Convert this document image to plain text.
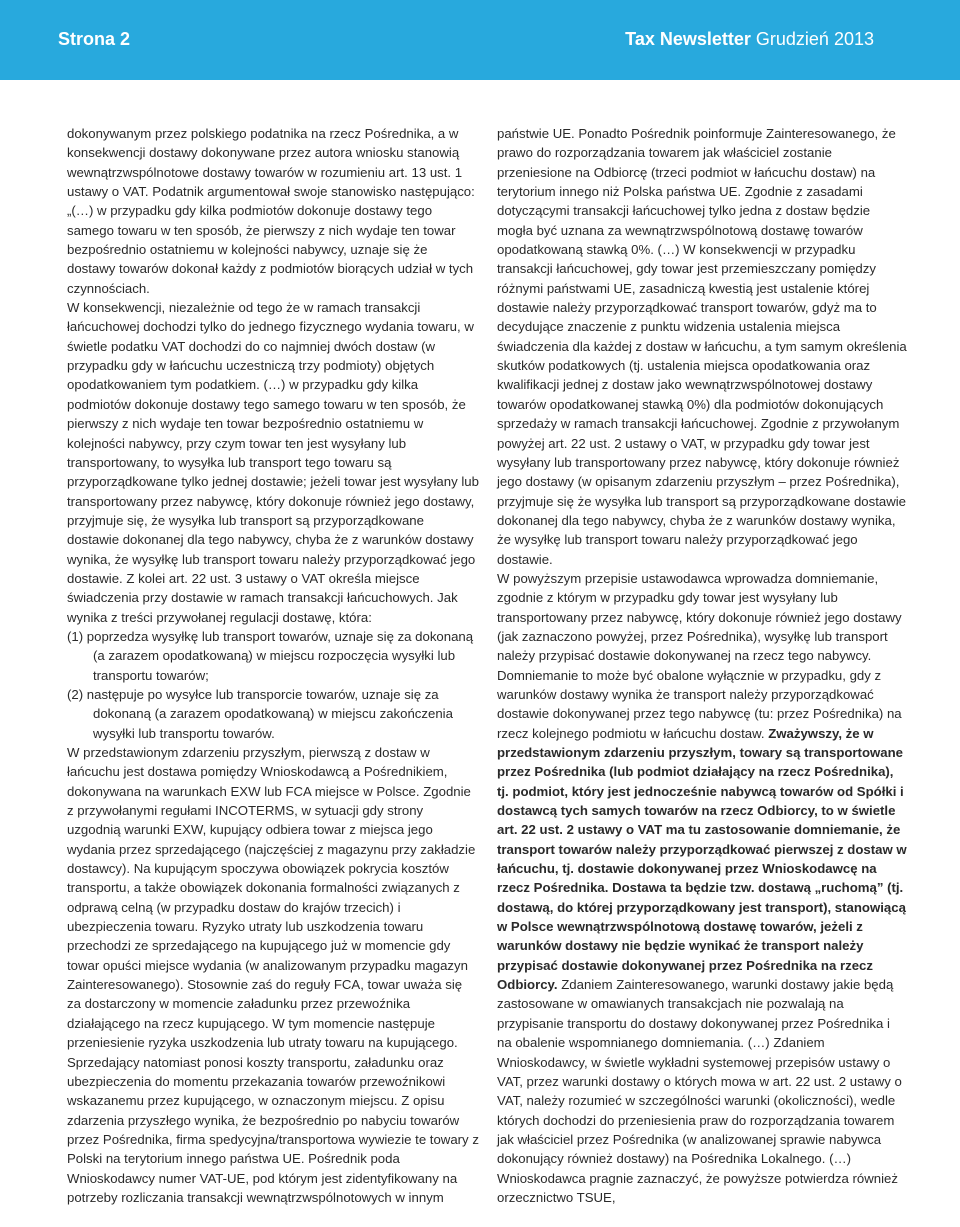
Strona 2	Tax Newsletter Grudzień 2013

dokonywanym przez polskiego podatnika na rzecz Pośrednika, a w konsekwencji dostawy dokonywane przez autora wniosku stanowią wewnątrzwspólnotowe dostawy towarów w rozumieniu art. 13 ust. 1 ustawy o VAT. Podatnik argumentował swoje stanowisko następująco: „(…) w przypadku gdy kilka podmiotów dokonuje dostawy tego samego towaru w ten sposób, że pierwszy z nich wydaje ten towar bezpośrednio ostatniemu w kolejności nabywcy, uznaje się że dostawy towarów dokonał każdy z podmiotów biorących udział w tych czynnościach.

W konsekwencji, niezależnie od tego że w ramach transakcji łańcuchowej dochodzi tylko do jednego fizycznego wydania towaru, w świetle podatku VAT dochodzi do co najmniej dwóch dostaw (w przypadku gdy w łańcuchu uczestniczą trzy podmioty) objętych opodatkowaniem tym podatkiem. (…) w przypadku gdy kilka podmiotów dokonuje dostawy tego samego towaru w ten sposób, że pierwszy z nich wydaje ten towar bezpośrednio ostatniemu w kolejności nabywcy, przy czym towar ten jest wysyłany lub transportowany, to wysyłka lub transport tego towaru są przyporządkowane tylko jednej dostawie; jeżeli towar jest wysyłany lub transportowany przez nabywcę, który dokonuje również jego dostawy, przyjmuje się, że wysyłka lub transport są przyporządkowane dostawie dokonanej dla tego nabywcy, chyba że z warunków dostawy wynika, że wysyłkę lub transport towaru należy przyporządkować jego dostawie. Z kolei art. 22 ust. 3 ustawy o VAT określa miejsce świadczenia przy dostawie w ramach transakcji łańcuchowych. Jak wynika z treści przywołanej regulacji dostawę, która:

(1) poprzedza wysyłkę lub transport towarów, uznaje się za dokonaną (a zarazem opodatkowaną) w miejscu rozpoczęcia wysyłki lub transportu towarów;

(2) następuje po wysyłce lub transporcie towarów, uznaje się za dokonaną (a zarazem opodatkowaną) w miejscu zakończenia wysyłki lub transportu towarów.

W przedstawionym zdarzeniu przyszłym, pierwszą z dostaw w łańcuchu jest dostawa pomiędzy Wnioskodawcą a Pośrednikiem, dokonywana na warunkach EXW lub FCA miejsce w Polsce. Zgodnie z przywołanymi regułami INCOTERMS, w sytuacji gdy strony uzgodnią warunki EXW, kupujący odbiera towar z miejsca jego wydania przez sprzedającego (najczęściej z magazynu przy zakładzie dostawcy). Na kupującym spoczywa obowiązek pokrycia kosztów transportu, a także obowiązek dokonania formalności związanych z odprawą celną (w przypadku dostaw do krajów trzecich) i ubezpieczenia towaru. Ryzyko utraty lub uszkodzenia towaru przechodzi ze sprzedającego na kupującego już w momencie gdy towar opuści miejsce wydania (w analizowanym przypadku magazyn Zainteresowanego). Stosownie zaś do reguły FCA, towar uważa się za dostarczony w momencie załadunku przez przewoźnika działającego na rzecz kupującego. W tym momencie następuje przeniesienie ryzyka uszkodzenia lub utraty towaru na kupującego. Sprzedający natomiast ponosi koszty transportu, załadunku oraz ubezpieczenia do momentu przekazania towarów przewoźnikowi wskazanemu przez kupującego, w oznaczonym miejscu. Z opisu zdarzenia przyszłego wynika, że bezpośrednio po nabyciu towarów przez Pośrednika, firma spedycyjna/transportowa wywiezie te towary z Polski na terytorium innego państwa UE. Pośrednik poda Wnioskodawcy numer VAT-UE, pod którym jest zidentyfikowany na potrzeby rozliczania transakcji wewnątrzwspólnotowych w innym

państwie UE. Ponadto Pośrednik poinformuje Zainteresowanego, że prawo do rozporządzania towarem jak właściciel zostanie przeniesione na Odbiorcę (trzeci podmiot w łańcuchu dostaw) na terytorium innego niż Polska państwa UE. Zgodnie z zasadami dotyczącymi transakcji łańcuchowej tylko jedna z dostaw będzie mogła być uznana za wewnątrzwspólnotową dostawę towarów opodatkowaną stawką 0%. (…) W konsekwencji w przypadku transakcji łańcuchowej, gdy towar jest przemieszczany pomiędzy różnymi państwami UE, zasadniczą kwestią jest ustalenie której dostawie należy przyporządkować transport towarów, gdyż ma to decydujące znaczenie z punktu widzenia ustalenia miejsca świadczenia dla każdej z dostaw w łańcuchu, a tym samym określenia skutków podatkowych (tj. ustalenia miejsca opodatkowania oraz kwalifikacji jednej z dostaw jako wewnątrzwspólnotowej dostawy towarów opodatkowanej stawką 0%) dla podmiotów dokonujących sprzedaży w ramach transakcji łańcuchowej. Zgodnie z przywołanym powyżej art. 22 ust. 2 ustawy o VAT, w przypadku gdy towar jest wysyłany lub transportowany przez nabywcę, który dokonuje również jego dostawy (w opisanym zdarzeniu przyszłym – przez Pośrednika), przyjmuje się że wysyłka lub transport są przyporządkowane dostawie dokonanej dla tego nabywcy, chyba że z warunków dostawy wynika, że wysyłkę lub transport towaru należy przyporządkować jego dostawie.

W powyższym przepisie ustawodawca wprowadza domniemanie, zgodnie z którym w przypadku gdy towar jest wysyłany lub transportowany przez nabywcę, który dokonuje również jego dostawy (jak zaznaczono powyżej, przez Pośrednika), wysyłkę lub transport należy przypisać dostawie dokonywanej na rzecz tego nabywcy. Domniemanie to może być obalone wyłącznie w przypadku, gdy z warunków dostawy wynika że transport należy przyporządkować dostawie dokonywanej przez tego nabywcę (tu: przez Pośrednika) na rzecz kolejnego podmiotu w łańcuchu dostaw. Zważywszy, że w przedstawionym zdarzeniu przyszłym, towary są transportowane przez Pośrednika (lub podmiot działający na rzecz Pośrednika), tj. podmiot, który jest jednocześnie nabywcą towarów od Spółki i dostawcą tych samych towarów na rzecz Odbiorcy, to w świetle art. 22 ust. 2 ustawy o VAT ma tu zastosowanie domniemanie, że transport towarów należy przyporządkować pierwszej z dostaw w łańcuchu, tj. dostawie dokonywanej przez Wnioskodawcę na rzecz Pośrednika. Dostawa ta będzie tzw. dostawą „ruchomą” (tj. dostawą, do której przyporządkowany jest transport), stanowiącą w Polsce wewnątrzwspólnotową dostawę towarów, jeżeli z warunków dostawy nie będzie wynikać że transport należy przypisać dostawie dokonywanej przez Pośrednika na rzecz Odbiorcy. Zdaniem Zainteresowanego, warunki dostawy jakie będą zastosowane w omawianych transakcjach nie pozwalają na przypisanie transportu do dostawy dokonywanej przez Pośrednika i na obalenie wspomnianego domniemania. (…) Zdaniem Wnioskodawcy, w świetle wykładni systemowej przepisów ustawy o VAT, przez warunki dostawy o których mowa w art. 22 ust. 2 ustawy o VAT, należy rozumieć w szczególności warunki (okoliczności), wedle których dochodzi do przeniesienia praw do rozporządzania towarem jak właściciel przez Pośrednika (w analizowanej sprawie nabywca dokonujący również dostawy) na Pośrednika Lokalnego. (…) Wnioskodawca pragnie zaznaczyć, że powyższe potwierdza również orzecznictwo TSUE,
